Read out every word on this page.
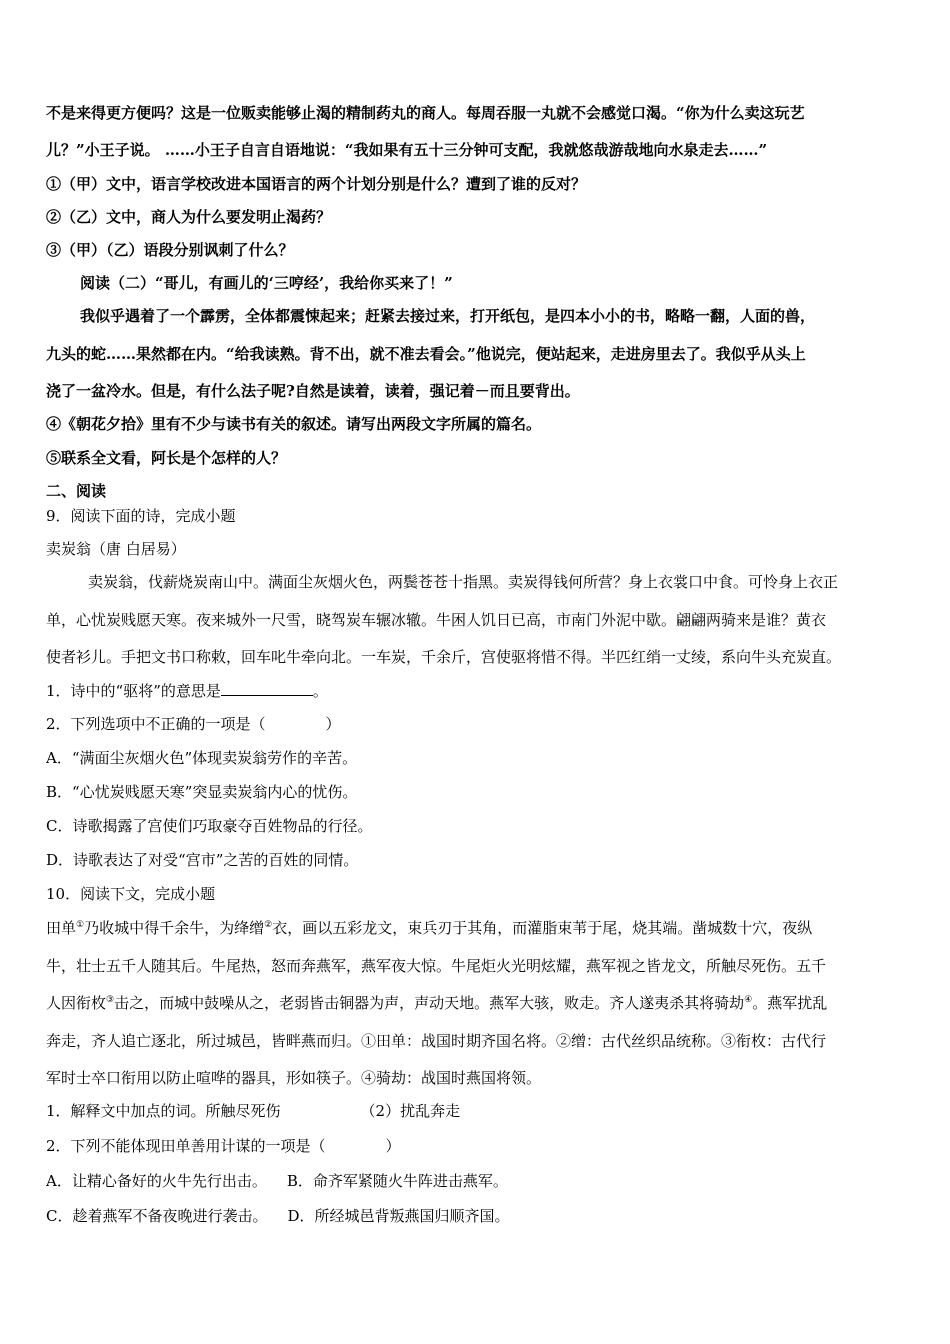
不是来得更方便吗？这是一位贩卖能够止渴的精制药丸的商人。每周吞服一丸就不会感觉口渴。“你为什么卖这玩艺
儿？”小王子说。 ……小王子自言自语地说：“我如果有五十三分钟可支配，我就悠哉游哉地向水泉走去……”
①（甲）文中，语言学校改进本国语言的两个计划分别是什么？遭到了谁的反对？
②（乙）文中，商人为什么要发明止渴药？
③（甲）（乙）语段分别讽刺了什么？
阅读（二）“哥儿，有画儿的‘三哼经’，我给你买来了！”
我似乎遇着了一个霹雳，全体都震悚起来；赶紧去接过来，打开纸包，是四本小小的书，略略一翻，人面的兽，
九头的蛇……果然都在内。“给我读熟。背不出，就不准去看会。”他说完，便站起来，走进房里去了。我似乎从头上
浇了一盆冷水。但是，有什么法子呢?自然是读着，读着，强记着－而且要背出。
④《朝花夕拾》里有不少与读书有关的叙述。请写出两段文字所属的篇名。
⑤联系全文看，阿长是个怎样的人？
二、阅读
9．阅读下面的诗，完成小题
卖炭翁（唐 白居易）
卖炭翁，伐薪烧炭南山中。满面尘灰烟火色，两鬓苍苍十指黑。卖炭得钱何所营？身上衣裳口中食。可怜身上衣正
单，心忧炭贱愿天寒。夜来城外一尺雪，晓驾炭车辗冰辙。牛困人饥日已高，市南门外泥中歇。翩翩两骑来是谁？黄衣
使者衫儿。手把文书口称敕，回车叱牛牵向北。一车炭，千余斤，宫使驱将惜不得。半匹红绡一丈绫，系向牛头充炭直。
1．诗中的“驱将”的意思是	。
2．下列选项中不正确的一项是（　　　　）
A．“满面尘灰烟火色”体现卖炭翁劳作的辛苦。
B．“心忧炭贱愿天寒”突显卖炭翁内心的忧伤。
C．诗歌揭露了宫使们巧取豪夺百姓物品的行径。
D．诗歌表达了对受“宫市”之苦的百姓的同情。
10．阅读下文，完成小题
田单①乃收城中得千余牛，为绛缯②衣，画以五彩龙文，束兵刃于其角，而灌脂束苇于尾，烧其端。凿城数十穴，夜纵
牛，壮士五千人随其后。牛尾热，怒而奔燕军，燕军夜大惊。牛尾炬火光明炫耀，燕军视之皆龙文，所触尽死伤。五千
人因衔枚③击之，而城中鼓噪从之，老弱皆击铜器为声，声动天地。燕军大骇，败走。齐人遂夷杀其将骑劫④。燕军扰乱
奔走，齐人追亡逐北，所过城邑，皆畔燕而归。①田单：战国时期齐国名将。②缯：古代丝织品统称。③衔枚：古代行
军时士卒口衔用以防止喧哗的器具，形如筷子。④骑劫：战国时燕国将领。
1．解释文中加点的词。所触尽死伤	（2）扰乱奔走
2．下列不能体现田单善用计谋的一项是（　　　　）
A．让精心备好的火牛先行出击。 B．命齐军紧随火牛阵进击燕军。
C．趁着燕军不备夜晚进行袭击。 D．所经城邑背叛燕国归顺齐国。
